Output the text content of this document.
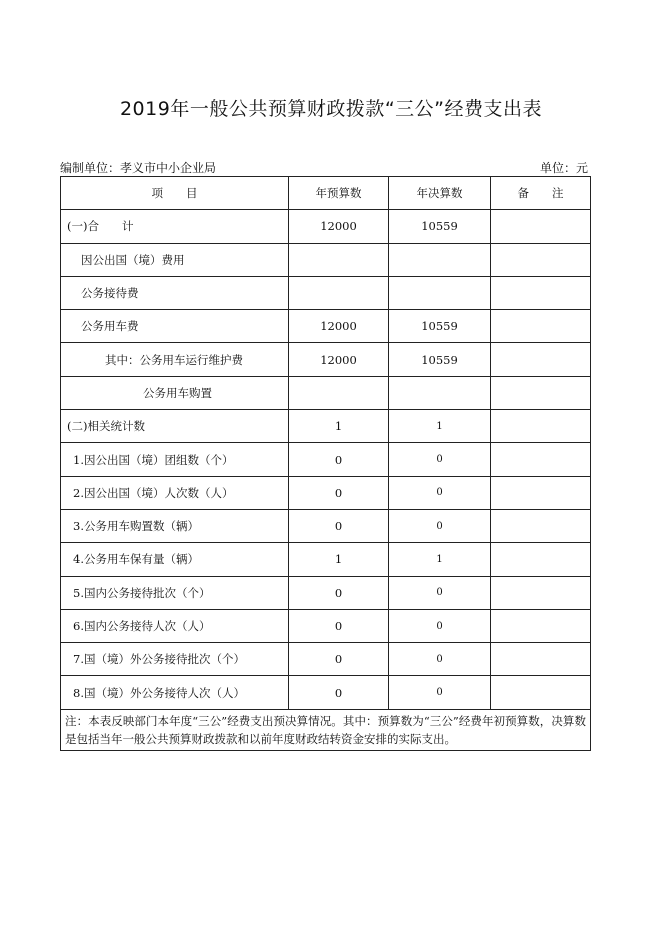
2019年一般公共预算财政拨款“三公”经费支出表
编制单位：孝义市中小企业局	单位：元
项　　目	年预算数	年决算数	备　　注
(一)合　　计	12000	10559	
因公出国（境）费用			
公务接待费			
公务用车费	12000	10559	
其中：公务用车运行维护费	12000	10559	
公务用车购置			
(二)相关统计数	1	1	
1.因公出国（境）团组数（个）	0	0	
2.因公出国（境）人次数（人）	0	0	
3.公务用车购置数（辆）	0	0	
4.公务用车保有量（辆）	1	1	
5.国内公务接待批次（个）	0	0	
6.国内公务接待人次（人）	0	0	
7.国（境）外公务接待批次（个）	0	0	
8.国（境）外公务接待人次（人）	0	0	
注：本表反映部门本年度“三公”经费支出预决算情况。其中：预算数为“三公”经费年初预算数，决算数是包括当年一般公共预算财政拨款和以前年度财政结转资金安排的实际支出。			
